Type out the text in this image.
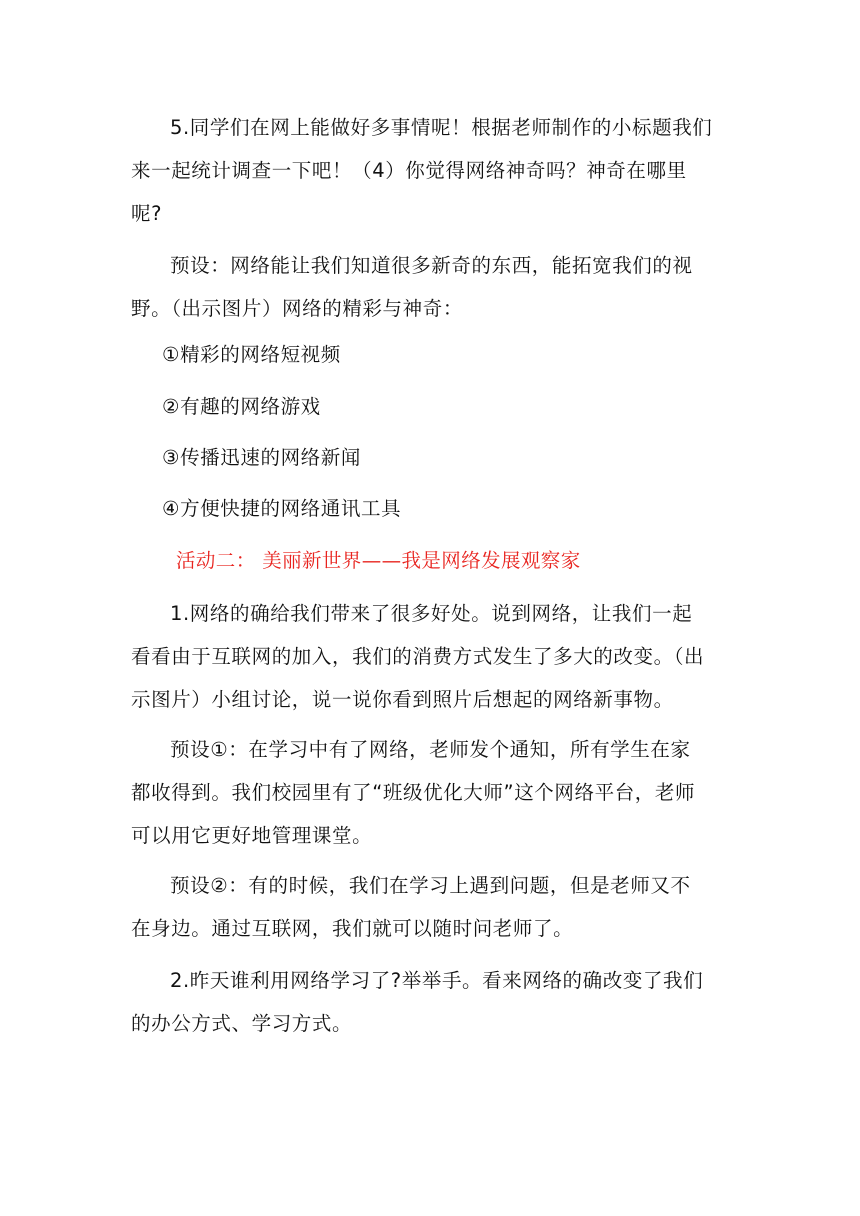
5.同学们在网上能做好多事情呢！根据老师制作的小标题我们
来一起统计调查一下吧！（4）你觉得网络神奇吗？神奇在哪里
呢?
预设：网络能让我们知道很多新奇的东西，能拓宽我们的视
野。（出示图片）网络的精彩与神奇：
①精彩的网络短视频
②有趣的网络游戏
③传播迅速的网络新闻
④方便快捷的网络通讯工具
活动二： 美丽新世界——我是网络发展观察家
1.网络的确给我们带来了很多好处。说到网络，让我们一起
看看由于互联网的加入，我们的消费方式发生了多大的改变。（出
示图片）小组讨论，说一说你看到照片后想起的网络新事物。
预设①：在学习中有了网络，老师发个通知，所有学生在家
都收得到。我们校园里有了“班级优化大师”这个网络平台，老师
可以用它更好地管理课堂。
预设②：有的时候，我们在学习上遇到问题，但是老师又不
在身边。通过互联网，我们就可以随时问老师了。
2.昨天谁利用网络学习了?举举手。看来网络的确改变了我们
的办公方式、学习方式。
